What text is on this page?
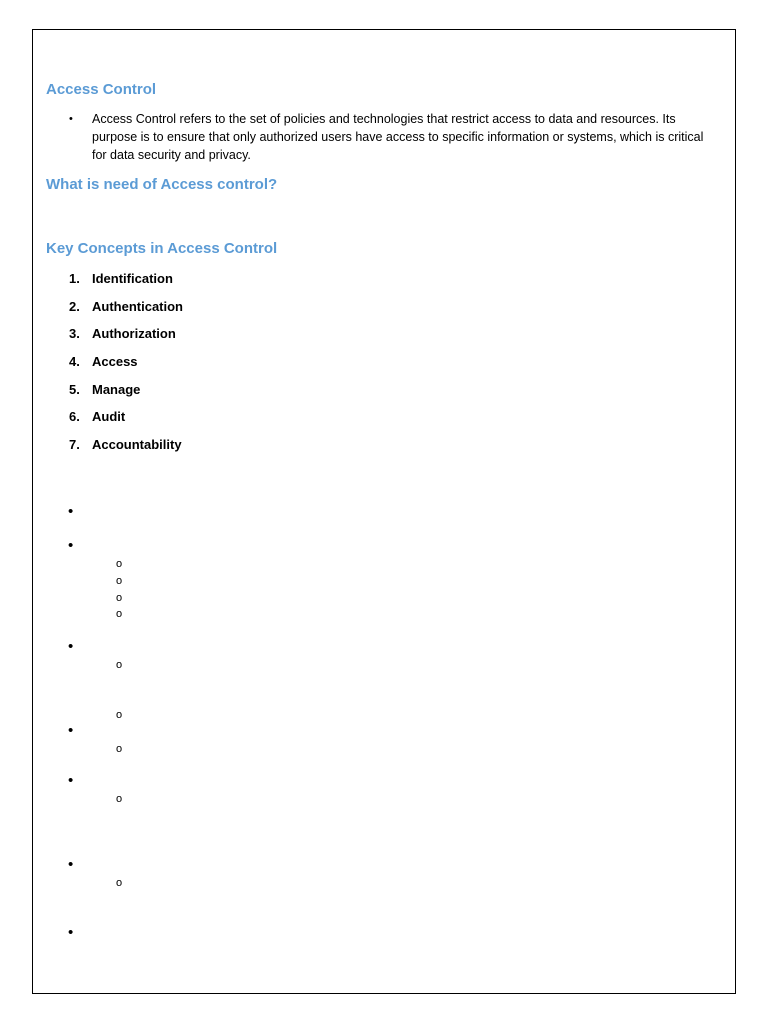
Access Control
• Access Control refers to the set of policies and technologies that restrict access to data and resources. Its purpose is to ensure that only authorized users have access to specific information or systems, which is critical for data security and privacy.
What is need of Access control?
Key Concepts in Access Control
1. Identification
2. Authentication
3. Authorization
4. Access
5. Manage
6. Audit
7. Accountability
•
•
o
o
o
o
•
o
o
•
o
•
o
•
o
•
